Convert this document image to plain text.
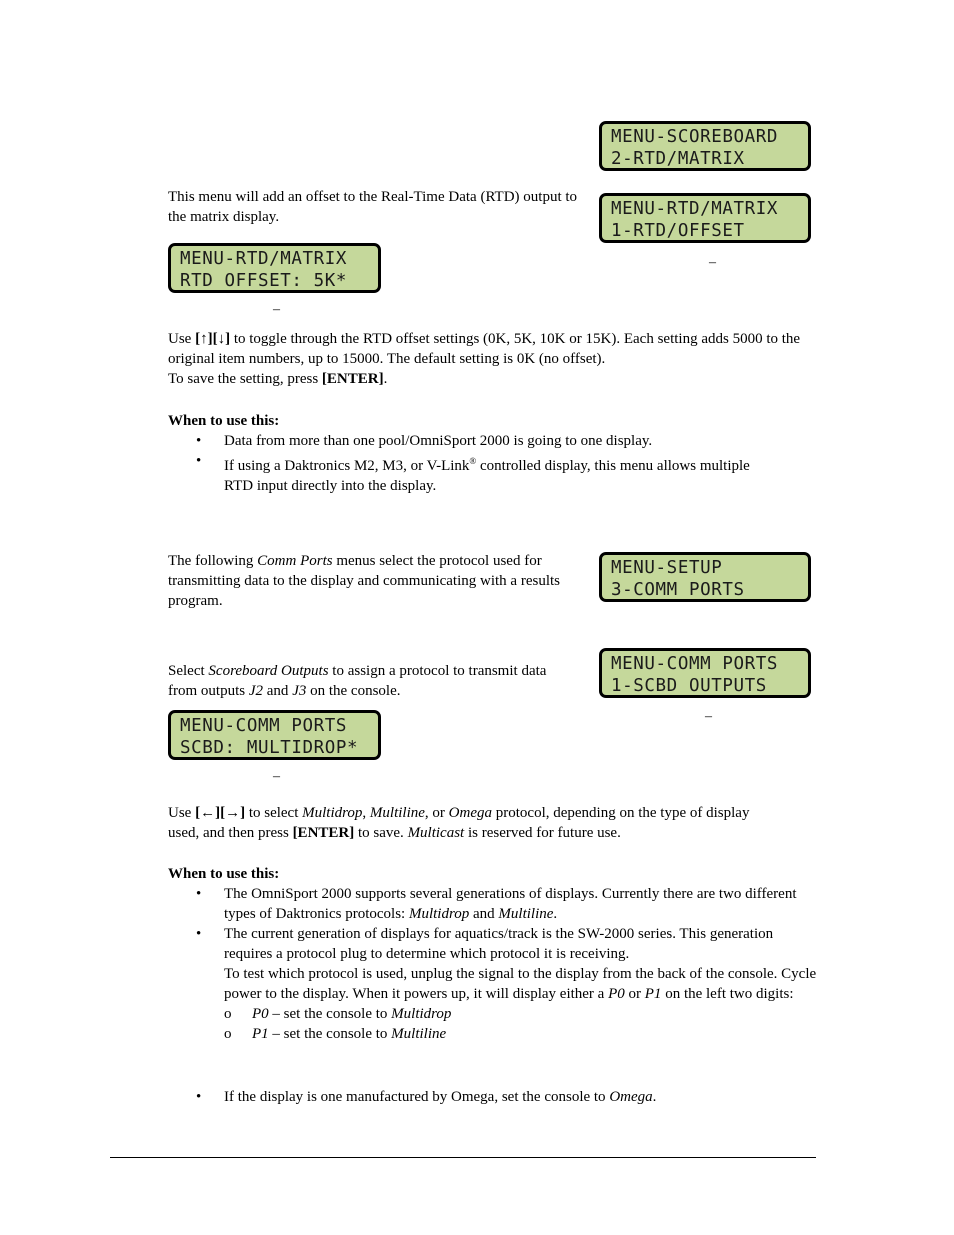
MENU-SCOREBOARD
2-RTD/MATRIX
MENU-RTD/MATRIX
1-RTD/OFFSET
–
MENU-RTD/MATRIX
RTD OFFSET: 5K*
–
MENU-SETUP
3-COMM PORTS
MENU-COMM PORTS
1-SCBD OUTPUTS
–
MENU-COMM PORTS
SCBD: MULTIDROP*
–
This menu will add an offset to the Real-Time Data (RTD) output to the matrix display.
Use [↑][↓] to toggle through the RTD offset settings (0K, 5K, 10K or 15K). Each setting adds 5000 to the original item numbers, up to 15000. The default setting is 0K (no offset).
To save the setting, press [ENTER].
When to use this:
• Data from more than one pool/OmniSport 2000 is going to one display.
• If using a Daktronics M2, M3, or V-Link® controlled display, this menu allows multiple RTD input directly into the display.
The following Comm Ports menus select the protocol used for transmitting data to the display and communicating with a results program.
Select Scoreboard Outputs to assign a protocol to transmit data from outputs J2 and J3 on the console.
Use [←][→] to select Multidrop, Multiline, or Omega protocol, depending on the type of display used, and then press [ENTER] to save. Multicast is reserved for future use.
When to use this:
• The OmniSport 2000 supports several generations of displays. Currently there are two different types of Daktronics protocols: Multidrop and Multiline.
• The current generation of displays for aquatics/track is the SW-2000 series. This generation requires a protocol plug to determine which protocol it is receiving.
To test which protocol is used, unplug the signal to the display from the back of the console. Cycle power to the display. When it powers up, it will display either a P0 or P1 on the left two digits:
o P0 – set the console to Multidrop
o P1 – set the console to Multiline
• If the display is one manufactured by Omega, set the console to Omega.
